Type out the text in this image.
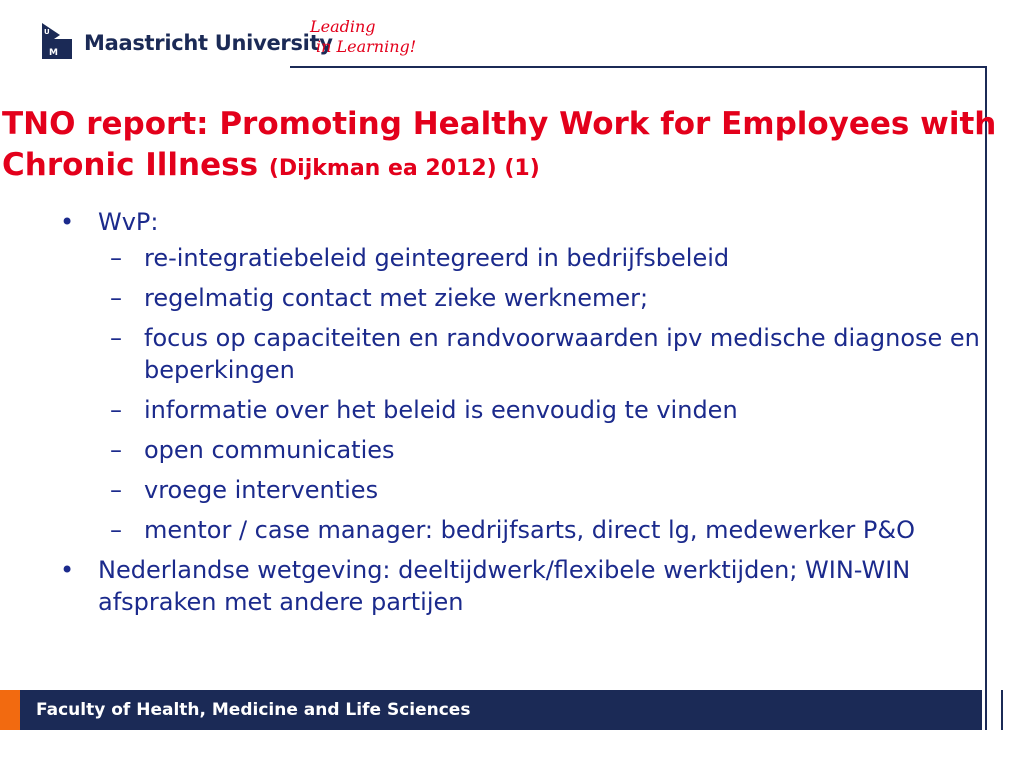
M
U Maastricht University
Leading
in Learning!
TNO report: Promoting Healthy Work for Employees with Chronic Illness (Dijkman ea 2012) (1)
• WvP:
– re-integratiebeleid geintegreerd in bedrijfsbeleid
– regelmatig contact met zieke werknemer;
– focus op capaciteiten en randvoorwaarden ipv medische diagnose en beperkingen
– informatie over het beleid is eenvoudig te vinden
– open communicaties
– vroege interventies
– mentor / case manager: bedrijfsarts, direct lg, medewerker P&O
• Nederlandse wetgeving: deeltijdwerk/flexibele werktijden; WIN-WIN afspraken met andere partijen
Faculty of Health, Medicine and Life Sciences
